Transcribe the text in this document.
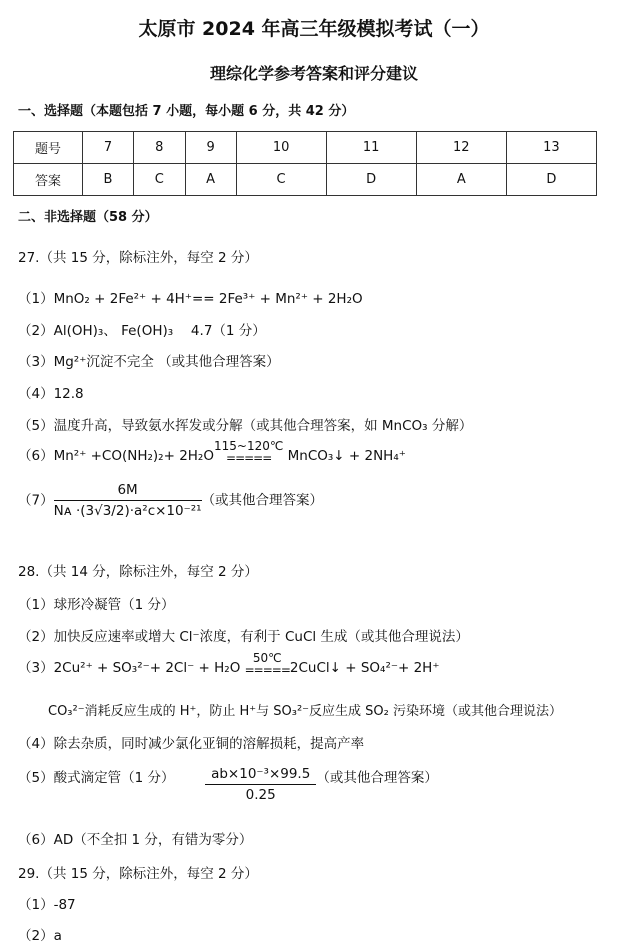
太原市 2024 年高三年级模拟考试（一）
理综化学参考答案和评分建议
一、选择题（本题包括 7 小题，每小题 6 分，共 42 分）
题号	7	8	9	10	11	12	13
答案	B	C	A	C	D	A	D
二、非选择题（58 分）
27.（共 15 分，除标注外，每空 2 分）
（1）MnO₂ + 2Fe²⁺ + 4H⁺== 2Fe³⁺ + Mn²⁺ + 2H₂O
（2）Al(OH)₃、 Fe(OH)₃　 4.7（1 分）
（3）Mg²⁺沉淀不完全 （或其他合理答案）
（4）12.8
（5）温度升高，导致氨水挥发或分解（或其他合理答案，如 MnCO₃ 分解）
（6）Mn²⁺ +CO(NH₂)₂+ 2H₂O
115~120℃
===== MnCO₃↓ + 2NH₄⁺
$(7) \frac{6M}{\text{Nᴀ ·(3√3/2)·a²c×10⁻²¹}}$ （或其他合理答案）
28.（共 14 分，除标注外，每空 2 分）
（1）球形冷凝管（1 分）
（2）加快反应速率或增大 Cl⁻浓度，有利于 CuCl 生成（或其他合理说法）
（3）2Cu²⁺ + SO₃²⁻+ 2Cl⁻ + H₂O
50℃
===== 2CuCl↓ + SO₄²⁻+ 2H⁺
CO₃²⁻消耗反应生成的 H⁺，防止 H⁺与 SO₃²⁻反应生成 SO₂ 污染环境（或其他合理说法）
（4）除去杂质，同时减少氯化亚铜的溶解损耗，提高产率
（5）酸式滴定管（1 分） $\frac{\text{ab×10⁻³×99.5}}{0.25}$ （或其他合理答案）
（6）AD（不全扣 1 分，有错为零分）
29.（共 15 分，除标注外，每空 2 分）
（1）-87
（2）a
